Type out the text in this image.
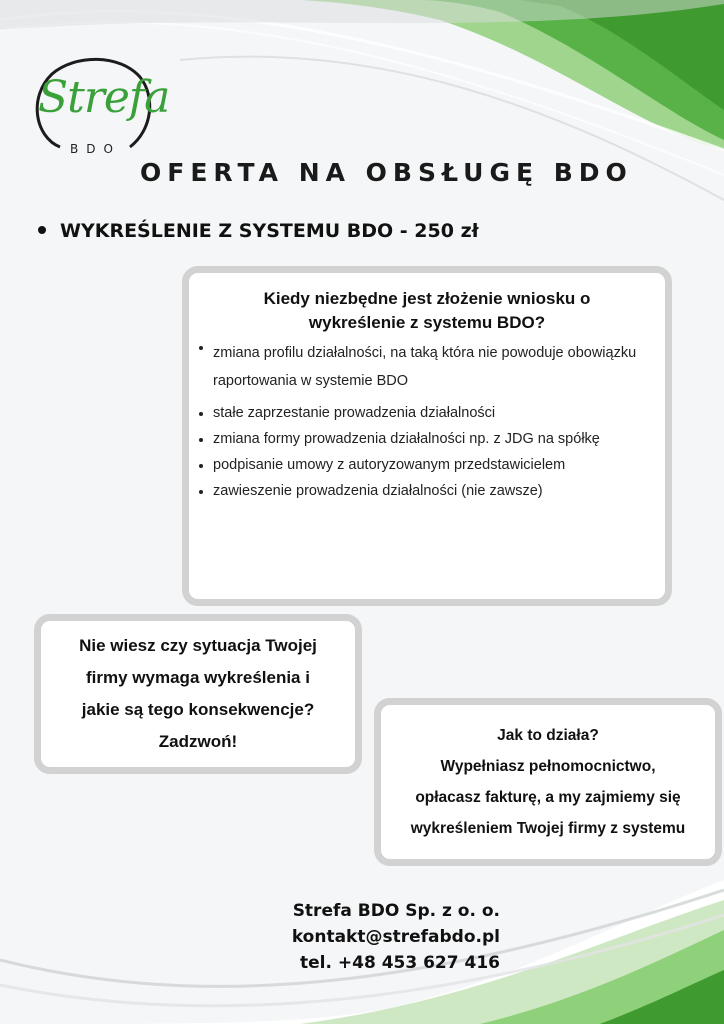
Strefa
BDO
OFERTA NA OBSŁUGĘ BDO
WYKREŚLENIE Z SYSTEMU BDO - 250 zł
Kiedy niezbędne jest złożenie wniosku o
wykreślenie z systemu BDO?
zmiana profilu działalności, na taką która nie powoduje obowiązku raportowania w systemie BDO
stałe zaprzestanie prowadzenia działalności
zmiana formy prowadzenia działalności np. z JDG na spółkę
podpisanie umowy z autoryzowanym przedstawicielem
zawieszenie prowadzenia działalności (nie zawsze)

Nie wiesz czy sytuacja Twojej
firmy wymaga wykreślenia i
jakie są tego konsekwencje?
Zadzwoń!	Jak to działa?
Wypełniasz pełnomocnictwo,
opłacasz fakturę, a my zajmiemy się
wykreśleniem Twojej firmy z systemu

Strefa BDO Sp. z o. o.
kontakt@strefabdo.pl
tel. +48 453 627 416
